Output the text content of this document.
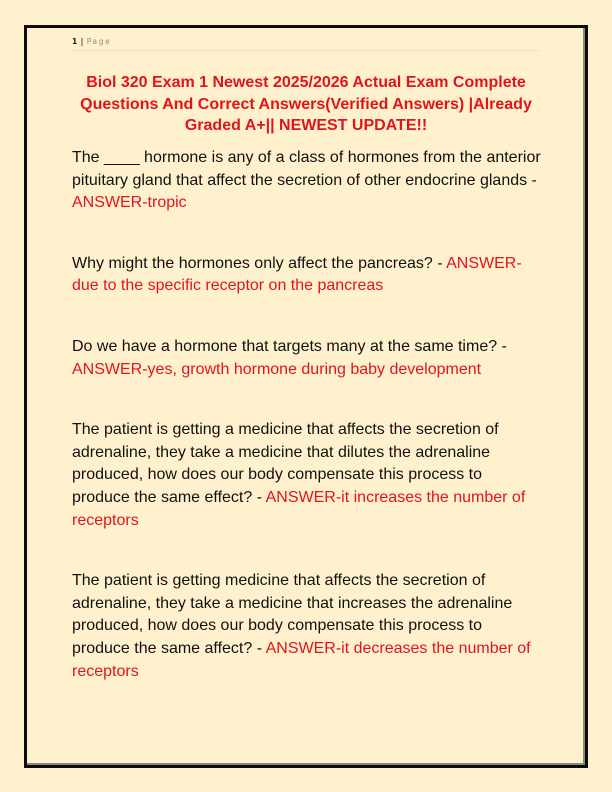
1 | Page
Biol 320 Exam 1 Newest 2025/2026 Actual Exam Complete Questions And Correct Answers(Verified Answers) |Already Graded A+|| NEWEST UPDATE!!

The ____ hormone is any of a class of hormones from the anterior pituitary gland that affect the secretion of other endocrine glands - ANSWER-tropic

Why might the hormones only affect the pancreas? - ANSWER-due to the specific receptor on the pancreas

Do we have a hormone that targets many at the same time? - ANSWER-yes, growth hormone during baby development

The patient is getting a medicine that affects the secretion of adrenaline, they take a medicine that dilutes the adrenaline produced, how does our body compensate this process to produce the same effect? - ANSWER-it increases the number of receptors

The patient is getting medicine that affects the secretion of adrenaline, they take a medicine that increases the adrenaline produced, how does our body compensate this process to produce the same affect? - ANSWER-it decreases the number of receptors
